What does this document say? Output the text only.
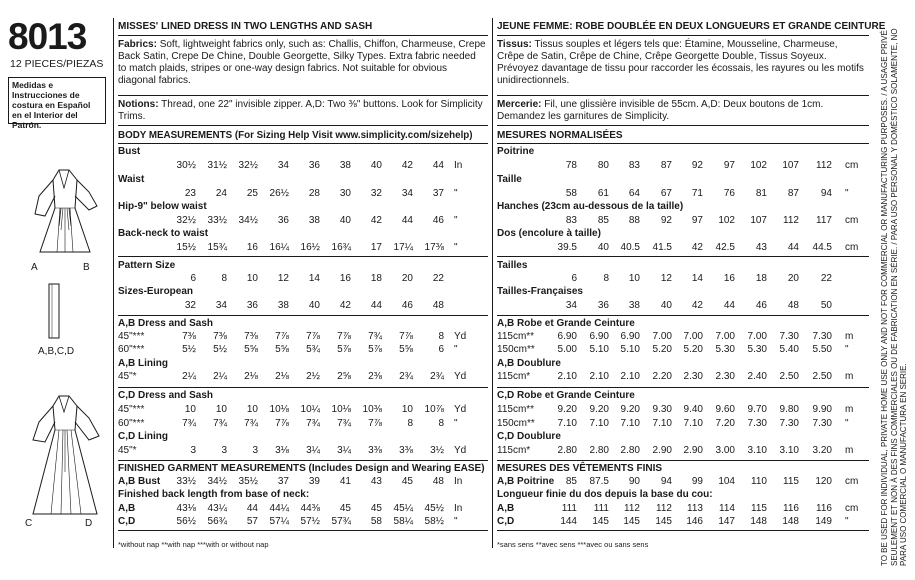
8013
12 PIECES/PIEZAS
Medidas e Instrucciones de costura en Español en el Interior del Patrón.
A	B
A,B,C,D
C	D
MISSES' LINED DRESS IN TWO LENGTHS AND SASH
Fabrics: Soft, lightweight fabrics only, such as: Challis, Chiffon, Charmeuse, Crepe Back Satin, Crepe De Chine, Double Georgette, Silky Types. Extra fabric needed to match plaids, stripes or one-way design fabrics. Not suitable for obvious diagonal fabrics.
Notions: Thread, one 22" invisible zipper. A,D: Two ⅜" buttons. Look for Simplicity Trims.
BODY MEASUREMENTS (For Sizing Help Visit www.simplicity.com/sizehelp)
Bust
30½	31½	32½	34	36	38	40	42	44 In
Waist
23	24	25	26½	28	30	32	34	37 "
Hip-9" below waist
32½	33½	34½	36	38	40	42	44	46 "
Back-neck to waist
15½	15¾	16	16¼	16½	16¾	17	17¼	17⅜ "
Pattern Size
6	8	10	12	14	16	18	20	22
Sizes-European
32	34	36	38	40	42	44	46	48
A,B Dress and Sash
45"***	7⅜	7⅜	7⅜	7⅞	7⅞	7⅞	7¾	7⅞	8 Yd
60"***	5½	5½	5⅝	5⅝	5¾	5⅞	5⅞	5⅝	6 "
A,B Lining
45"*	2¼	2¼	2⅛	2⅛	2½	2⅝	2⅜	2¾	2¾ Yd
C,D Dress and Sash
45"***	10	10	10	10⅛	10¼	10⅛	10⅜	10	10⅞ Yd
60"***	7¾	7¾	7¾	7⅞	7¾	7¾	7⅞	8	8 "
C,D Lining
45"*	3	3	3	3⅛	3¼	3¼	3⅜	3⅜	3½ Yd
A,B Bust	33½	34½	35½	37	39	41	43	45	48 In
Finished back length from base of neck:
A,B	43⅛	43¼	44	44¼	44⅜	45	45	45¼	45½ In
C,D	56½	56¾	57	57¼	57½	57¾	58	58¼	58½ "
FINISHED GARMENT MEASUREMENTS (Includes Design and Wearing EASE)
*without nap **with nap ***with or without nap
JEUNE FEMME: ROBE DOUBLÉE EN DEUX LONGUEURS ET GRANDE CEINTURE
Tissus: Tissus souples et légers tels que: Étamine, Mousseline, Charmeuse, Crêpe de Satin, Crêpe de Chine, Crêpe Georgette Double, Tissus Soyeux. Prévoyez davantage de tissu pour raccorder les écossais, les rayures ou les motifs unidirectionnels.
Mercerie: Fil, une glissière invisible de 55cm. A,D: Deux boutons de 1cm. Demandez les garnitures de Simplicity.
MESURES NORMALISÉES
Poitrine
78	80	83	87	92	97	102	107	112 cm
Taille
58	61	64	67	71	76	81	87	94 "
Hanches (23cm au-dessous de la taille)
83	85	88	92	97	102	107	112	117 cm
Dos (encolure à taille)
39.5	40	40.5	41.5	42	42.5	43	44	44.5 cm
Tailles
6	8	10	12	14	16	18	20	22
Tailles-Françaises
34	36	38	40	42	44	46	48	50
A,B Robe et Grande Ceinture
115cm**	6.90	6.90	6.90	7.00	7.00	7.00	7.00	7.30	7.30 m
150cm**	5.00	5.10	5.10	5.20	5.20	5.30	5.30	5.40	5.50 "
A,B Doublure
115cm*	2.10	2.10	2.10	2.20	2.30	2.30	2.40	2.50	2.50 m
C,D Robe et Grande Ceinture
115cm**	9.20	9.20	9.20	9.30	9.40	9.60	9.70	9.80	9.90 m
150cm**	7.10	7.10	7.10	7.10	7.10	7.20	7.30	7.30	7.30 "
C,D Doublure
115cm*	2.80	2.80	2.80	2.90	2.90	3.00	3.10	3.10	3.20 m
A,B Poitrine	85	87.5	90	94	99	104	110	115	120 cm
Longueur finie du dos depuis la base du cou:
A,B	111	111	112	112	113	114	115	116	116 cm
C,D	144	145	145	145	146	147	148	148	149 "
MESURES DES VÊTEMENTS FINIS
*sans sens **avec sens ***avec ou sans sens	TO BE USED FOR INDIVIDUAL, PRIVATE HOME USE ONLY AND NOT FOR COMMERCIAL OR MANUFACTURING PURPOSES. / A USAGE PRIVÉ SEULEMENT ET NON À DES FINS COMMERCIALES OU DE FABRICATION EN SÉRIE. / PARA USO PERSONAL Y DOMÉSTICO SOLAMENTE, NO PARA USO COMERCIAL O MANUFACTURA EN SERIE.
